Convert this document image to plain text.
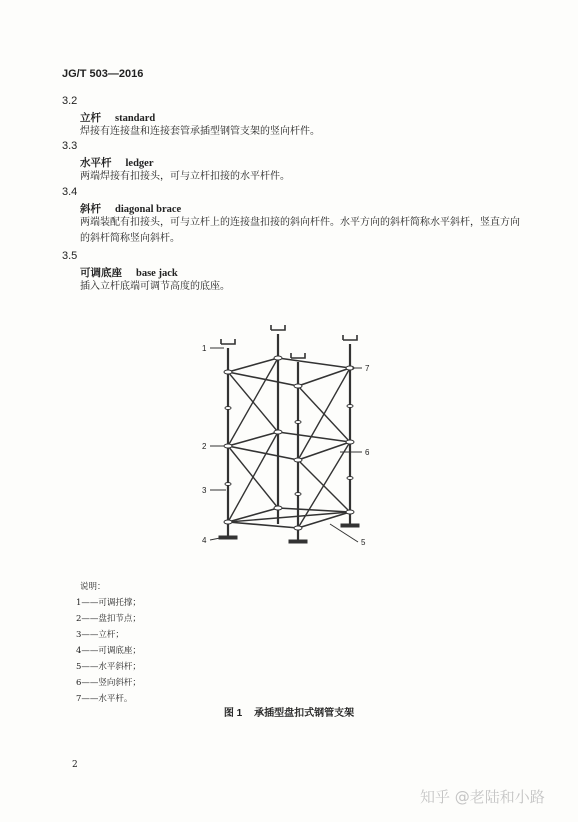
JG/T 503—2016
3.2
立杆 standard
焊接有连接盘和连接套管承插型钢管支架的竖向杆件。
3.3
水平杆 ledger
两端焊接有扣接头，可与立杆扣接的水平杆件。
3.4
斜杆 diagonal brace
两端装配有扣接头，可与立杆上的连接盘扣接的斜向杆件。水平方向的斜杆简称水平斜杆，竖直方向的斜杆简称竖向斜杆。
3.5
可调底座 base jack
插入立杆底端可调节高度的底座。
1
2
3
4	5
6
7
说明：
1——可调托撑；
2——盘扣节点；
3——立杆；
4——可调底座；
5——水平斜杆；
6——竖向斜杆；
7——水平杆。
图 1 承插型盘扣式钢管支架
2
知乎 @老陆和小路
